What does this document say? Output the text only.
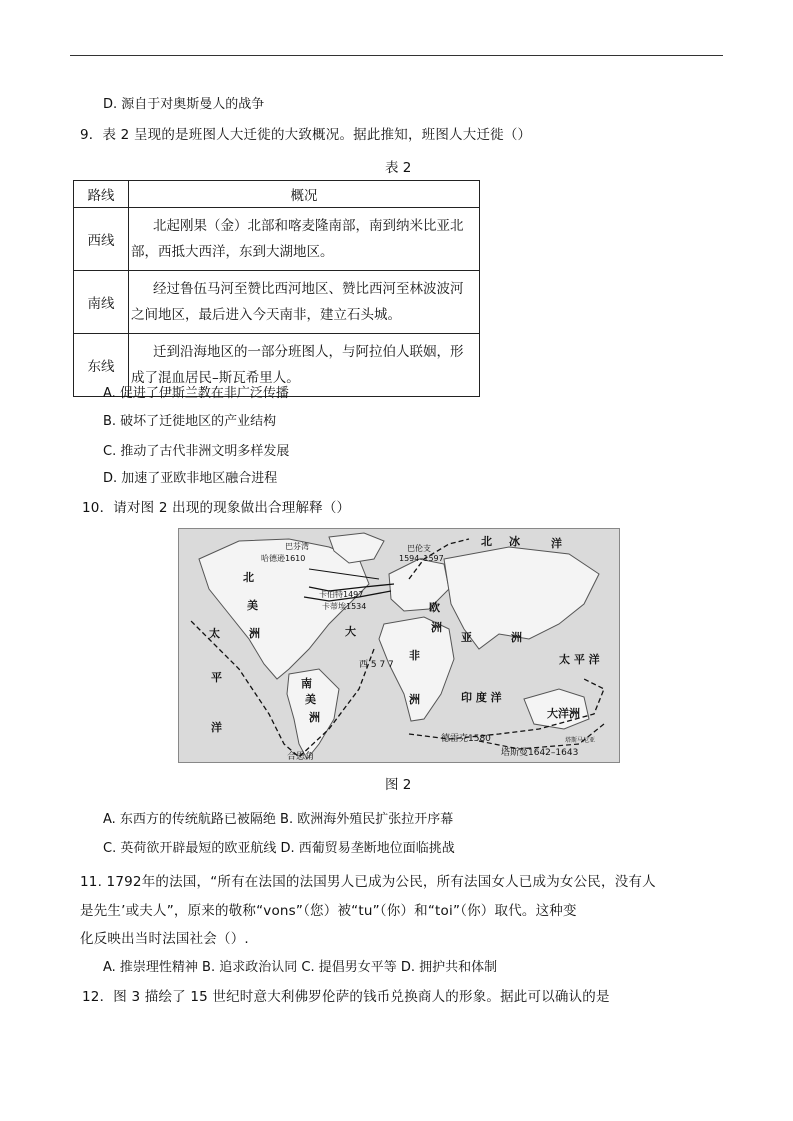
D. 源自于对奥斯曼人的战争
9．表 2 呈现的是班图人大迁徙的大致概况。据此推知，班图人大迁徙（）
表 2
路线	概况
西线	北起刚果（金）北部和喀麦隆南部，南到纳米比亚北
部，西抵大西洋，东到大湖地区。

南线	经过鲁伍马河至赞比西河地区、赞比西河至林波波河
之间地区，最后进入今天南非，建立石头城。

东线	迁到沿海地区的一部分班图人，与阿拉伯人联姻，形
成了混血居民–斯瓦希里人。
A. 促进了伊斯兰教在非广泛传播
B. 破坏了迁徙地区的产业结构
C. 推动了古代非洲文明多样发展
D. 加速了亚欧非地区融合进程
10．请对图 2 出现的现象做出合理解释（）
北 冰	洋
巴芬湾
哈德逊1610
巴伦支
1594–1597
卡伯特1497
卡蒂埃1534
北
美
洲
欧
洲
亚	洲
非
洲
大
太
平
洋
太 平 洋
南
美
洲
印 度 洋
大洋洲
德雷克1580
塔斯曼1642–1643
合恩角
西 5 7 7
塔斯马尼亚
图 2
A. 东西方的传统航路已被隔绝 B. 欧洲海外殖民扩张拉开序幕
C. 英荷欲开辟最短的欧亚航线 D. 西葡贸易垄断地位面临挑战
11. 1792年的法国，“所有在法国的法国男人已成为公民，所有法国女人已成为女公民，没有人
是先生’或夫人”，原来的敬称“vons”（您）被“tu”（你）和“toi”（你）取代。这种变
化反映出当时法国社会（）.
A. 推崇理性精神 B. 追求政治认同 C. 提倡男女平等 D. 拥护共和体制
12．图 3 描绘了 15 世纪时意大利佛罗伦萨的钱币兑换商人的形象。据此可以确认的是
